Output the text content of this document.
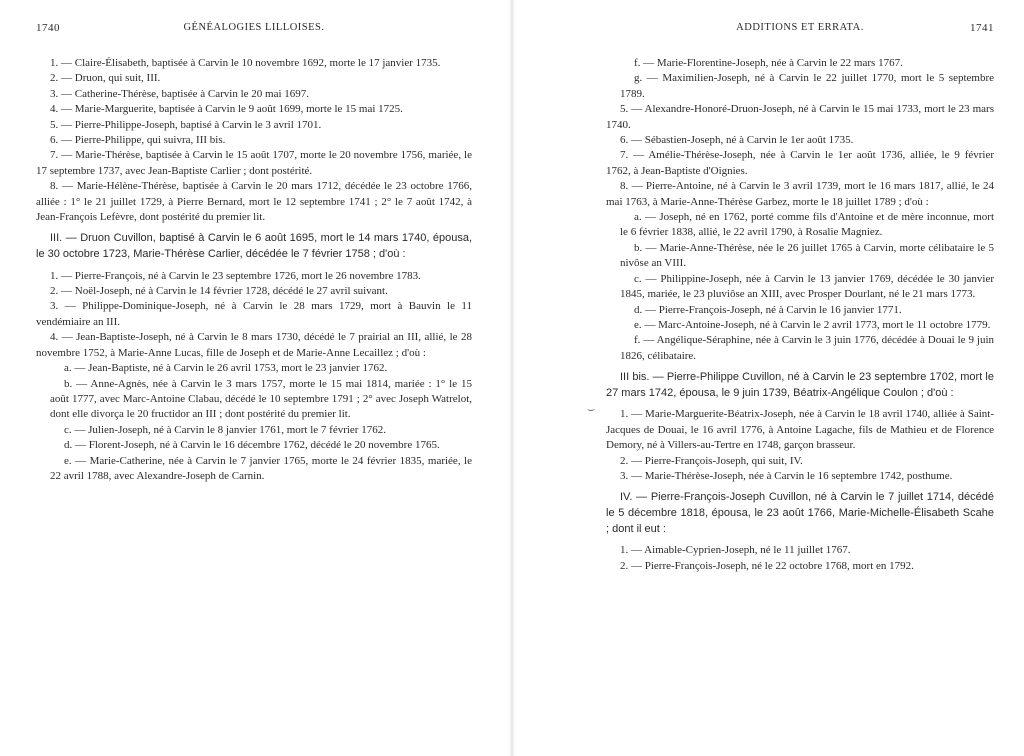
1740	GÉNÉALOGIES LILLOISES.

1. — Claire-Élisabeth, baptisée à Carvin le 10 novembre 1692, morte le 17 janvier 1735.

2. — Druon, qui suit, III.

3. — Catherine-Thérèse, baptisée à Carvin le 20 mai 1697.

4. — Marie-Marguerite, baptisée à Carvin le 9 août 1699, morte le 15 mai 1725.

5. — Pierre-Philippe-Joseph, baptisé à Carvin le 3 avril 1701.

6. — Pierre-Philippe, qui suivra, III bis.

7. — Marie-Thérèse, baptisée à Carvin le 15 août 1707, morte le 20 novembre 1756, mariée, le 17 septembre 1737, avec Jean-Baptiste Carlier ; dont postérité.

8. — Marie-Hélène-Thérèse, baptisée à Carvin le 20 mars 1712, décédée le 23 octobre 1766, alliée : 1° le 21 juillet 1729, à Pierre Bernard, mort le 12 septembre 1741 ; 2° le 7 août 1742, à Jean-François Lefèvre, dont postérité du premier lit.

III. — Druon Cuvillon, baptisé à Carvin le 6 août 1695, mort le 14 mars 1740, épousa, le 30 octobre 1723, Marie-Thérèse Carlier, décédée le 7 février 1758 ; d'où :

1. — Pierre-François, né à Carvin le 23 septembre 1726, mort le 26 novembre 1783.

2. — Noël-Joseph, né à Carvin le 14 février 1728, décédé le 27 avril suivant.

3. — Philippe-Dominique-Joseph, né à Carvin le 28 mars 1729, mort à Bauvin le 11 vendémiaire an III.

4. — Jean-Baptiste-Joseph, né à Carvin le 8 mars 1730, décédé le 7 prairial an III, allié, le 28 novembre 1752, à Marie-Anne Lucas, fille de Joseph et de Marie-Anne Lecaillez ; d'où :

a. — Jean-Baptiste, né à Carvin le 26 avril 1753, mort le 23 janvier 1762.

b. — Anne-Agnès, née à Carvin le 3 mars 1757, morte le 15 mai 1814, mariée : 1° le 15 août 1777, avec Marc-Antoine Clabau, décédé le 10 septembre 1791 ; 2° avec Joseph Watrelot, dont elle divorça le 20 fructidor an III ; dont postérité du premier lit.

c. — Julien-Joseph, né à Carvin le 8 janvier 1761, mort le 7 février 1762.

d. — Florent-Joseph, né à Carvin le 16 décembre 1762, décédé le 20 novembre 1765.

e. — Marie-Catherine, née à Carvin le 7 janvier 1765, morte le 24 février 1835, mariée, le 22 avril 1788, avec Alexandre-Joseph de Carnin.

ADDITIONS ET ERRATA.	1741

f. — Marie-Florentine-Joseph, née à Carvin le 22 mars 1767.

g. — Maximilien-Joseph, né à Carvin le 22 juillet 1770, mort le 5 septembre 1789.

5. — Alexandre-Honoré-Druon-Joseph, né à Carvin le 15 mai 1733, mort le 23 mars 1740.

6. — Sébastien-Joseph, né à Carvin le 1er août 1735.

7. — Amélie-Thérèse-Joseph, née à Carvin le 1er août 1736, alliée, le 9 février 1762, à Jean-Baptiste d'Oignies.

8. — Pierre-Antoine, né à Carvin le 3 avril 1739, mort le 16 mars 1817, allié, le 24 mai 1763, à Marie-Anne-Thérèse Garbez, morte le 18 juillet 1789 ; d'où :

a. — Joseph, né en 1762, porté comme fils d'Antoine et de mère inconnue, mort le 6 février 1838, allié, le 22 avril 1790, à Rosalie Magniez.

b. — Marie-Anne-Thérèse, née le 26 juillet 1765 à Carvin, morte célibataire le 5 nivôse an VIII.

c. — Philippine-Joseph, née à Carvin le 13 janvier 1769, décédée le 30 janvier 1845, mariée, le 23 pluviôse an XIII, avec Prosper Dourlant, né le 21 mars 1773.

d. — Pierre-François-Joseph, né à Carvin le 16 janvier 1771.

e. — Marc-Antoine-Joseph, né à Carvin le 2 avril 1773, mort le 11 octobre 1779.

f. — Angélique-Séraphine, née à Carvin le 3 juin 1776, décédée à Douai le 9 juin 1826, célibataire.

III bis. — Pierre-Philippe Cuvillon, né à Carvin le 23 septembre 1702, mort le 27 mars 1742, épousa, le 9 juin 1739, Béatrix-Angélique Coulon ; d'où :

1. — Marie-Marguerite-Béatrix-Joseph, née à Carvin le 18 avril 1740, alliée à Saint-Jacques de Douai, le 16 avril 1776, à Antoine Lagache, fils de Mathieu et de Florence Demory, né à Villers-au-Tertre en 1748, garçon brasseur.

2. — Pierre-François-Joseph, qui suit, IV.

3. — Marie-Thérèse-Joseph, née à Carvin le 16 septembre 1742, posthume.

IV. — Pierre-François-Joseph Cuvillon, né à Carvin le 7 juillet 1714, décédé le 5 décembre 1818, épousa, le 23 août 1766, Marie-Michelle-Élisabeth Scahe ; dont il eut :

1. — Aimable-Cyprien-Joseph, né le 11 juillet 1767.

2. — Pierre-François-Joseph, né le 22 octobre 1768, mort en 1792.

⌣
